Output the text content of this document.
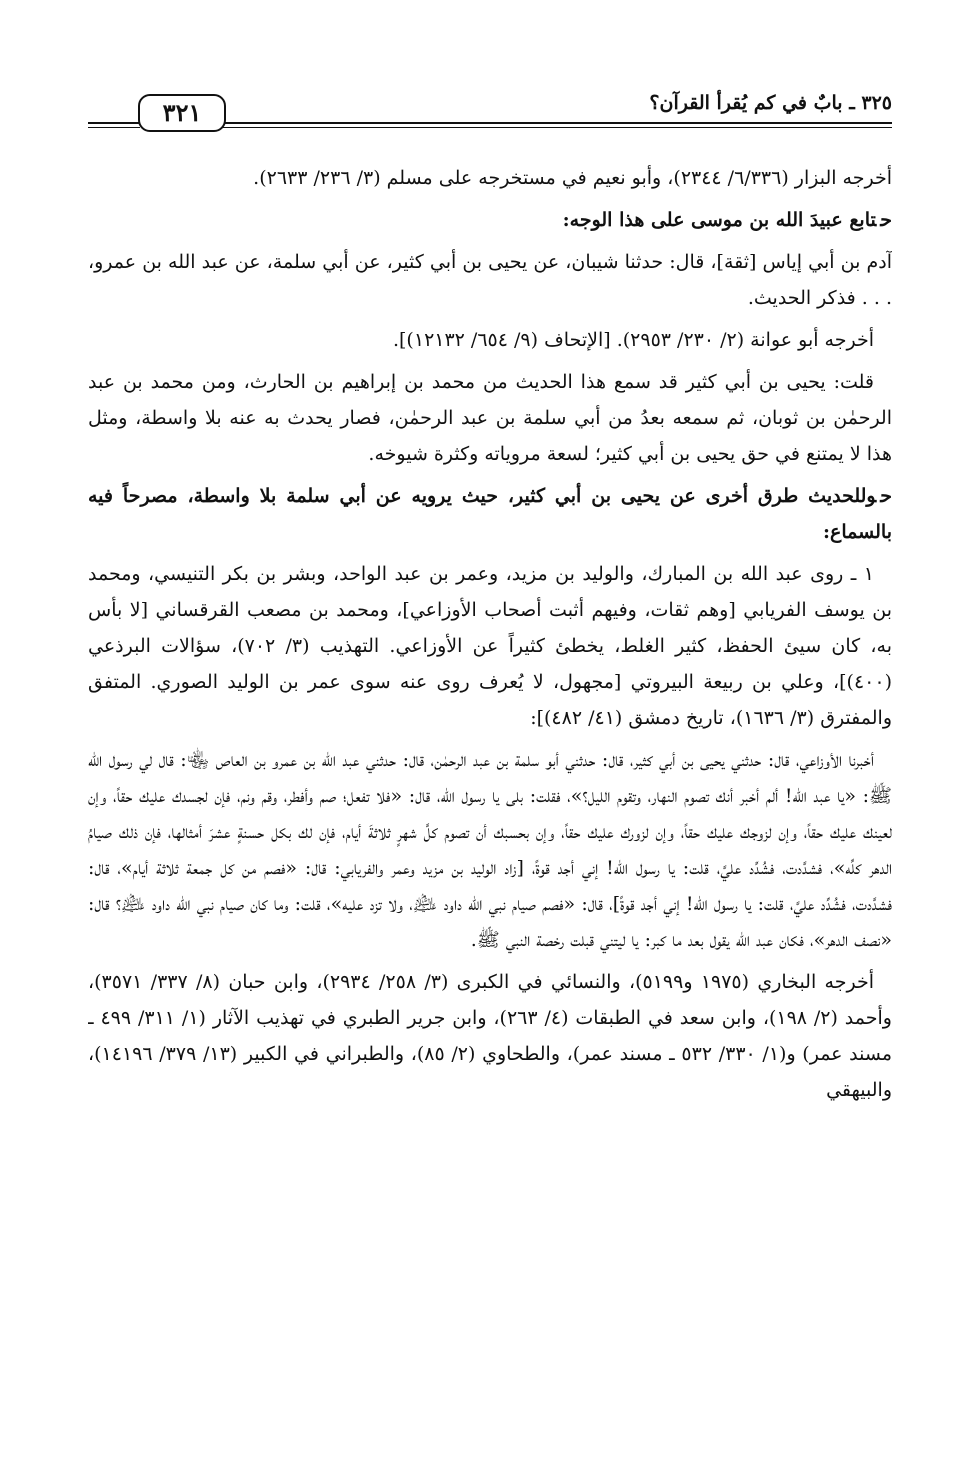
٣٢٥ ـ بابٌ في كم يُقرأ القرآن؟
٣٢١

أخرجه البزار (٦/٣٣٦/ ٢٣٤٤)، وأبو نعيم في مستخرجه على مسلم (٣/ ٢٣٦/ ٢٦٣٣).

حتابع عبيدَ الله بن موسى على هذا الوجه:

آدم بن أبي إياس [ثقة]، قال: حدثنا شيبان، عن يحيى بن أبي كثير، عن أبي سلمة، عن عبد الله بن عمرو، . . . فذكر الحديث.

أخرجه أبو عوانة (٢/ ٢٣٠/ ٢٩٥٣). [الإتحاف (٩/ ٦٥٤/ ١٢١٣٢)].

قلت: يحيى بن أبي كثير قد سمع هذا الحديث من محمد بن إبراهيم بن الحارث، ومن محمد بن عبد الرحمٰن بن ثوبان، ثم سمعه بعدُ من أبي سلمة بن عبد الرحمٰن، فصار يحدث به عنه بلا واسطة، ومثل هذا لا يمتنع في حق يحيى بن أبي كثير؛ لسعة مروياته وكثرة شيوخه.

حوللحديث طرق أخرى عن يحيى بن أبي كثير، حيث يرويه عن أبي سلمة بلا واسطة، مصرحاً فيه بالسماع:

١ ـ روى عبد الله بن المبارك، والوليد بن مزيد، وعمر بن عبد الواحد، وبشر بن بكر التنيسي، ومحمد بن يوسف الفريابي [وهم ثقات، وفيهم أثبت أصحاب الأوزاعي]، ومحمد بن مصعب القرقساني [لا بأس به، كان سيئ الحفظ، كثير الغلط، يخطئ كثيراً عن الأوزاعي. التهذيب (٣/ ٧٠٢)، سؤالات البرذعي (٤٠٠)]، وعلي بن ربيعة البيروتي [مجهول، لا يُعرف روى عنه سوى عمر بن الوليد الصوري. المتفق والمفترق (٣/ ١٦٣٦)، تاريخ دمشق (٤١/ ٤٨٢)]:

أخبرنا الأوزاعي، قال: حدثني يحيى بن أبي كثير، قال: حدثني أبو سلمة بن عبد الرحمٰن، قال: حدثني عبد الله بن عمرو بن العاص ﵄: قال لي رسول الله ﷺ: «يا عبد الله! ألم أخبر أنك تصوم النهار، وتقوم الليل؟»، فقلت: بلى يا رسول الله، قال: «فلا تفعل؛ صم وأفطر، وقم ونم، فإن لجسدك عليك حقاً، وإن لعينك عليك حقاً، وإن لزوجك عليك حقاً، وإن لزورك عليك حقاً، وإن بحسبك أن تصوم كلَّ شهرٍ ثلاثةَ أيام، فإن لك بكل حسنةٍ عشرَ أمثالها، فإن ذلك صيامُ الدهر كلِّه»، فشدَّدت، فشُدِّد عليَّ، قلت: يا رسول الله! إني أجد قوةً، [زاد الوليد بن مزيد وعمر والفريابي: قال: «فصم من كل جمعة ثلاثة أيام»، قال: فشدَّدت، فشُدِّد عليَّ، قلت: يا رسول الله! إني أجد قوةً]، قال: «فصم صيام نبي الله داود ﵇، ولا تزد عليه»، قلت: وما كان صيام نبي الله داود ﵇؟ قال: «نصف الدهر»، فكان عبد الله يقول بعد ما كبر: يا ليتني قبلت رخصة النبي ﷺ.

أخرجه البخاري (١٩٧٥ و٥١٩٩)، والنسائي في الكبرى (٣/ ٢٥٨/ ٢٩٣٤)، وابن حبان (٨/ ٣٣٧/ ٣٥٧١)، وأحمد (٢/ ١٩٨)، وابن سعد في الطبقات (٤/ ٢٦٣)، وابن جرير الطبري في تهذيب الآثار (١/ ٣١١/ ٤٩٩ ـ مسند عمر) و(١/ ٣٣٠/ ٥٣٢ ـ مسند عمر)، والطحاوي (٢/ ٨٥)، والطبراني في الكبير (١٣/ ٣٧٩/ ١٤١٩٦)، والبيهقي
